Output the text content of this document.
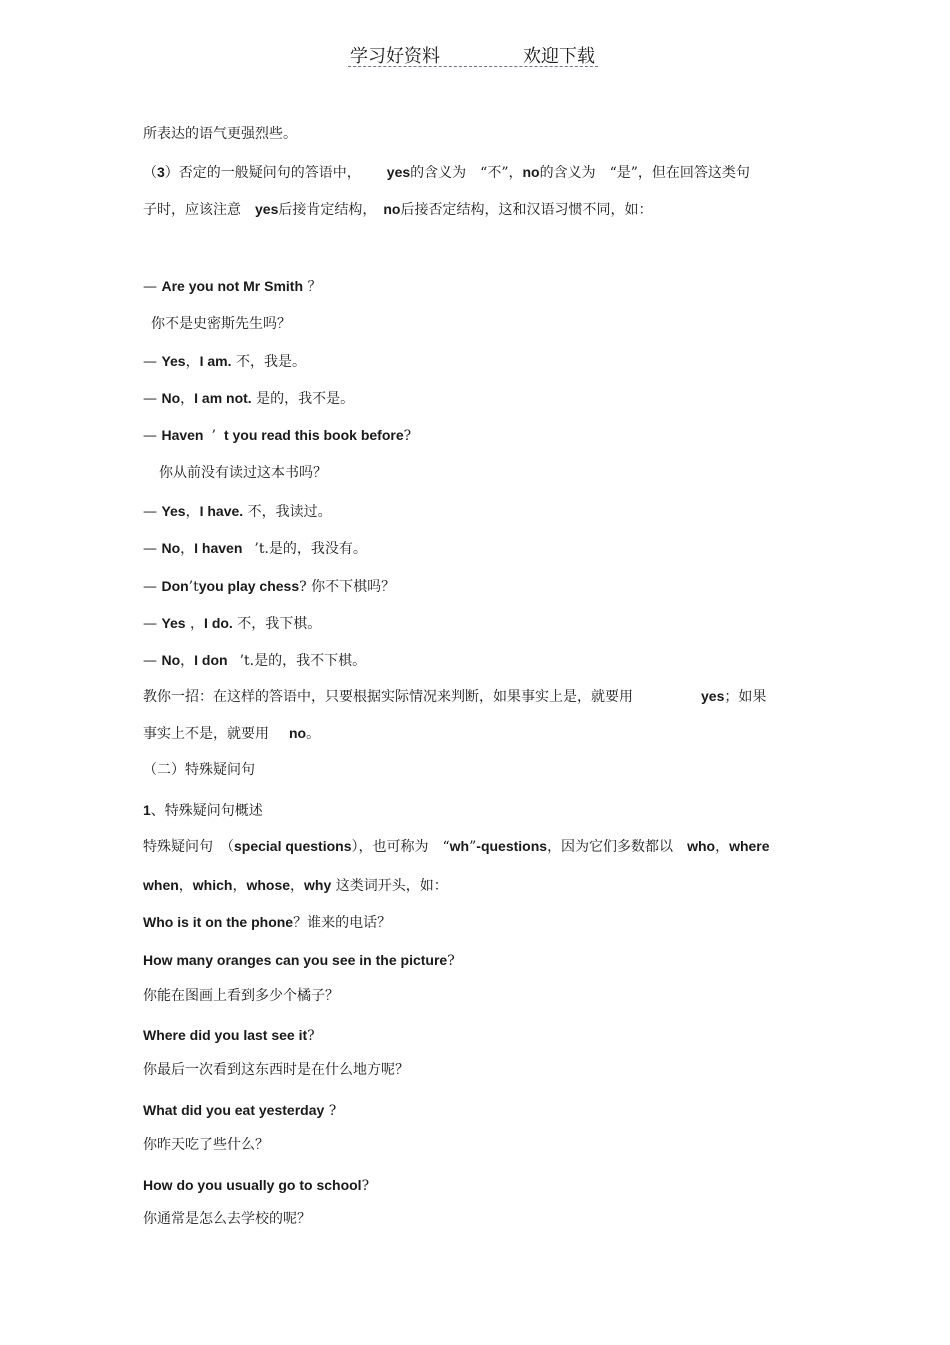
学习好资料	欢迎下载
所表达的语气更强烈些。
（3）否定的一般疑问句的答语中， yes的含义为　“不”，no的含义为　“是”，但在回答这类句
子时，应该注意　yes后接肯定结构，　no后接否定结构，这和汉语习惯不同，如：
— Are you not Mr Smith ？
你不是史密斯先生吗？
— Yes，I am. 不，我是。
— No，I am not. 是的，我不是。
— Haven ’ t you read this book before?
你从前没有读过这本书吗？
— Yes，I have. 不，我读过。
— No，I haven ’t.是的，我没有。
— Don’tyou play chess? 你不下棋吗？
— Yes ，I do. 不，我下棋。
— No，I don ’t.是的，我不下棋。
教你一招：在这样的答语中，只要根据实际情况来判断，如果事实上是，就要用	yes；如果
事实上不是，就要用　no。
（二）特殊疑问句
1、特殊疑问句概述
特殊疑问句　（special questions），也可称为　“wh”-questions，因为它们多数都以　who，where
when，which，whose，why 这类词开头，如：
Who is it on the phone？谁来的电话？
How many oranges can you see in the picture?
你能在图画上看到多少个橘子？
Where did you last see it?
你最后一次看到这东西时是在什么地方呢？
What did you eat yesterday ?
你昨天吃了些什么？
How do you usually go to school?
你通常是怎么去学校的呢？
